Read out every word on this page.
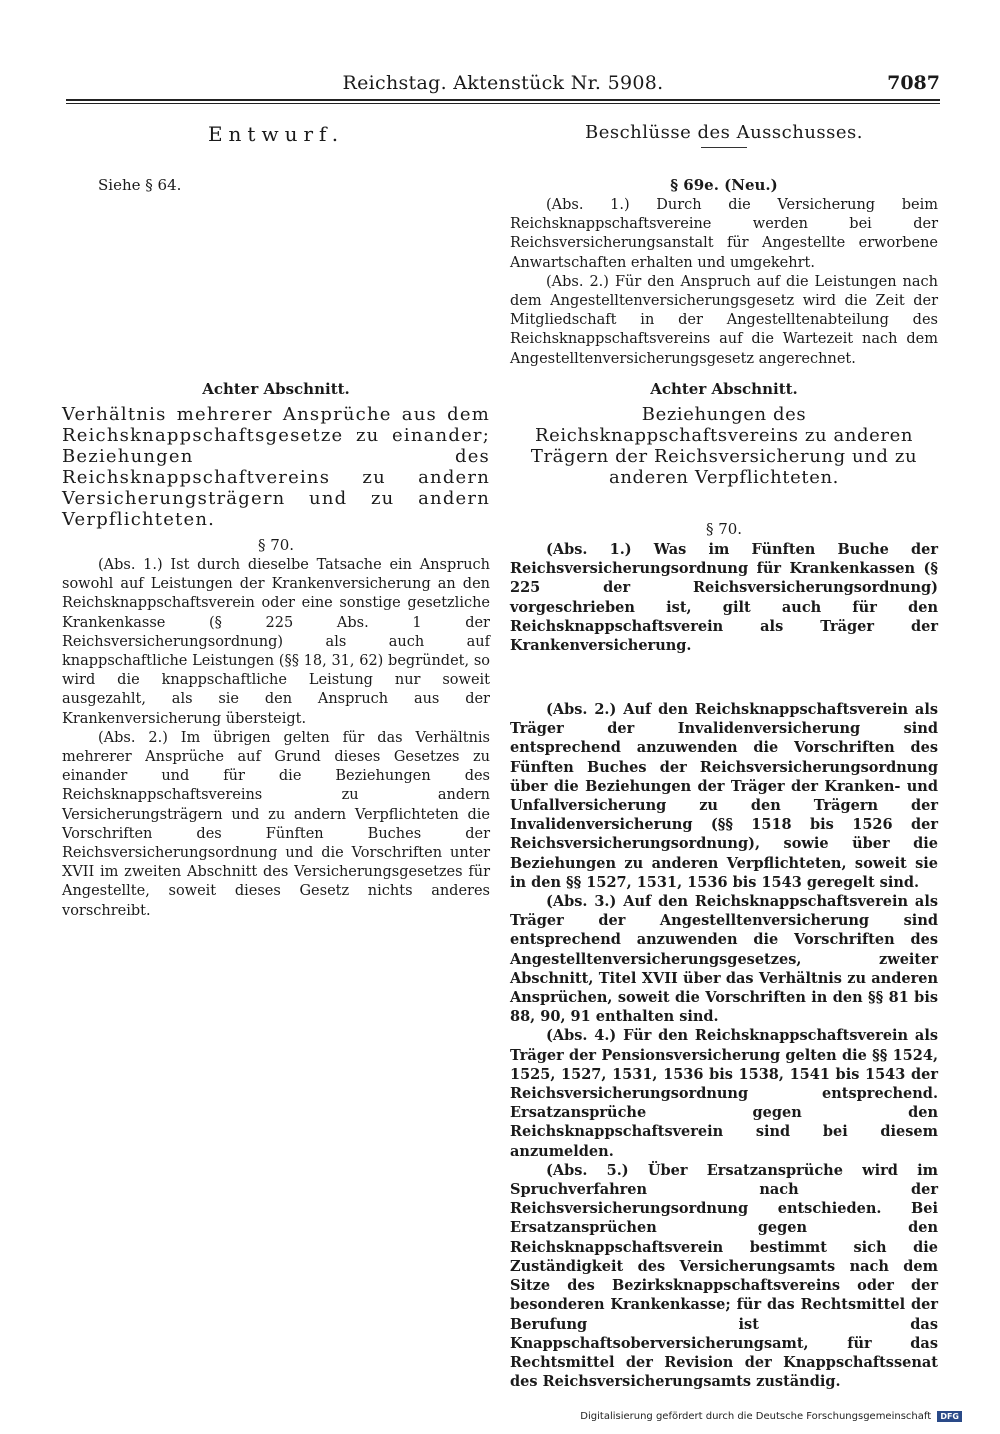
Reichstag. Aktenstück Nr. 5908.	7087
Entwurf.

Siehe § 64.

Achter Abschnitt.
Verhältnis mehrerer Ansprüche aus dem Reichsknappschaftsgesetze zu einander; Beziehungen des Reichsknappschaftvereins zu andern Versicherungsträgern und zu andern Verpflichteten.
§ 70.

(Abs. 1.) Ist durch dieselbe Tatsache ein Anspruch sowohl auf Leistungen der Krankenversicherung an den Reichsknappschaftsverein oder eine sonstige gesetzliche Krankenkasse (§ 225 Abs. 1 der Reichsversicherungsordnung) als auch auf knappschaftliche Leistungen (§§ 18, 31, 62) begründet, so wird die knappschaftliche Leistung nur soweit ausgezahlt, als sie den Anspruch aus der Krankenversicherung übersteigt.

(Abs. 2.) Im übrigen gelten für das Verhältnis mehrerer Ansprüche auf Grund dieses Gesetzes zu einander und für die Beziehungen des Reichsknappschaftsvereins zu andern Versicherungsträgern und zu andern Verpflichteten die Vorschriften des Fünften Buches der Reichsversicherungsordnung und die Vorschriften unter XVII im zweiten Abschnitt des Versicherungsgesetzes für Angestellte, soweit dieses Gesetz nichts anderes vorschreibt.

Beschlüsse des Ausschusses.
§ 69e. (Neu.)

(Abs. 1.) Durch die Versicherung beim Reichsknappschaftsvereine werden bei der Reichsversicherungsanstalt für Angestellte erworbene Anwartschaften erhalten und umgekehrt.

(Abs. 2.) Für den Anspruch auf die Leistungen nach dem Angestelltenversicherungsgesetz wird die Zeit der Mitgliedschaft in der Angestelltenabteilung des Reichsknappschaftsvereins auf die Wartezeit nach dem Angestelltenversicherungsgesetz angerechnet.

Achter Abschnitt.
Beziehungen des Reichsknappschaftsvereins zu anderen Trägern der Reichsversicherung und zu anderen Verpflichteten.
§ 70.

(Abs. 1.) Was im Fünften Buche der Reichsversicherungsordnung für Krankenkassen (§ 225 der Reichsversicherungsordnung) vorgeschrieben ist, gilt auch für den Reichsknappschaftsverein als Träger der Krankenversicherung.

(Abs. 2.) Auf den Reichsknappschaftsverein als Träger der Invalidenversicherung sind entsprechend anzuwenden die Vorschriften des Fünften Buches der Reichsversicherungsordnung über die Beziehungen der Träger der Kranken- und Unfallversicherung zu den Trägern der Invalidenversicherung (§§ 1518 bis 1526 der Reichsversicherungsordnung), sowie über die Beziehungen zu anderen Verpflichteten, soweit sie in den §§ 1527, 1531, 1536 bis 1543 geregelt sind.

(Abs. 3.) Auf den Reichsknappschaftsverein als Träger der Angestelltenversicherung sind entsprechend anzuwenden die Vorschriften des Angestelltenversicherungsgesetzes, zweiter Abschnitt, Titel XVII über das Verhältnis zu anderen Ansprüchen, soweit die Vorschriften in den §§ 81 bis 88, 90, 91 enthalten sind.

(Abs. 4.) Für den Reichsknappschaftsverein als Träger der Pensionsversicherung gelten die §§ 1524, 1525, 1527, 1531, 1536 bis 1538, 1541 bis 1543 der Reichsversicherungsordnung entsprechend. Ersatzansprüche gegen den Reichsknappschaftsverein sind bei diesem anzumelden.

(Abs. 5.) Über Ersatzansprüche wird im Spruchverfahren nach der Reichsversicherungsordnung entschieden. Bei Ersatzansprüchen gegen den Reichsknappschaftsverein bestimmt sich die Zuständigkeit des Versicherungsamts nach dem Sitze des Bezirksknappschaftsvereins oder der besonderen Krankenkasse; für das Rechtsmittel der Berufung ist das Knappschaftsoberversicherungsamt, für das Rechtsmittel der Revision der Knappschaftssenat des Reichsversicherungsamts zuständig.

Digitalisierung gefördert durch die Deutsche Forschungsgemeinschaft DFG
